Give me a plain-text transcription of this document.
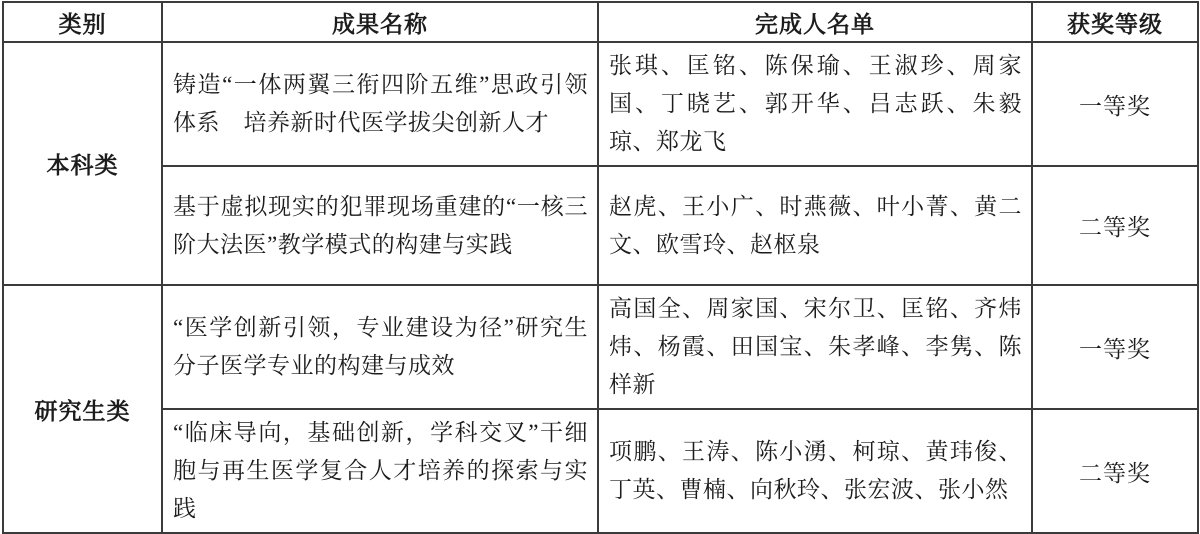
类别	成果名称	完成人名单	获奖等级
本科类	铸造“一体两翼三衔四阶五维”思政引领体系　培养新时代医学拔尖创新人才	张琪、匡铭、陈保瑜、王淑珍、周家国、丁晓艺、郭开华、吕志跃、朱毅琼、郑龙飞	一等奖
	基于虚拟现实的犯罪现场重建的“一核三阶大法医”教学模式的构建与实践	赵虎、王小广、时燕薇、叶小菁、黄二文、欧雪玲、赵枢泉	二等奖
研究生类	“医学创新引领，专业建设为径”研究生分子医学专业的构建与成效	高国全、周家国、宋尔卫、匡铭、齐炜炜、杨霞、田国宝、朱孝峰、李隽、陈样新	一等奖
	“临床导向，基础创新，学科交叉”干细胞与再生医学复合人才培养的探索与实践	项鹏、王涛、陈小湧、柯琼、黄玮俊、丁英、曹楠、向秋玲、张宏波、张小然	二等奖
